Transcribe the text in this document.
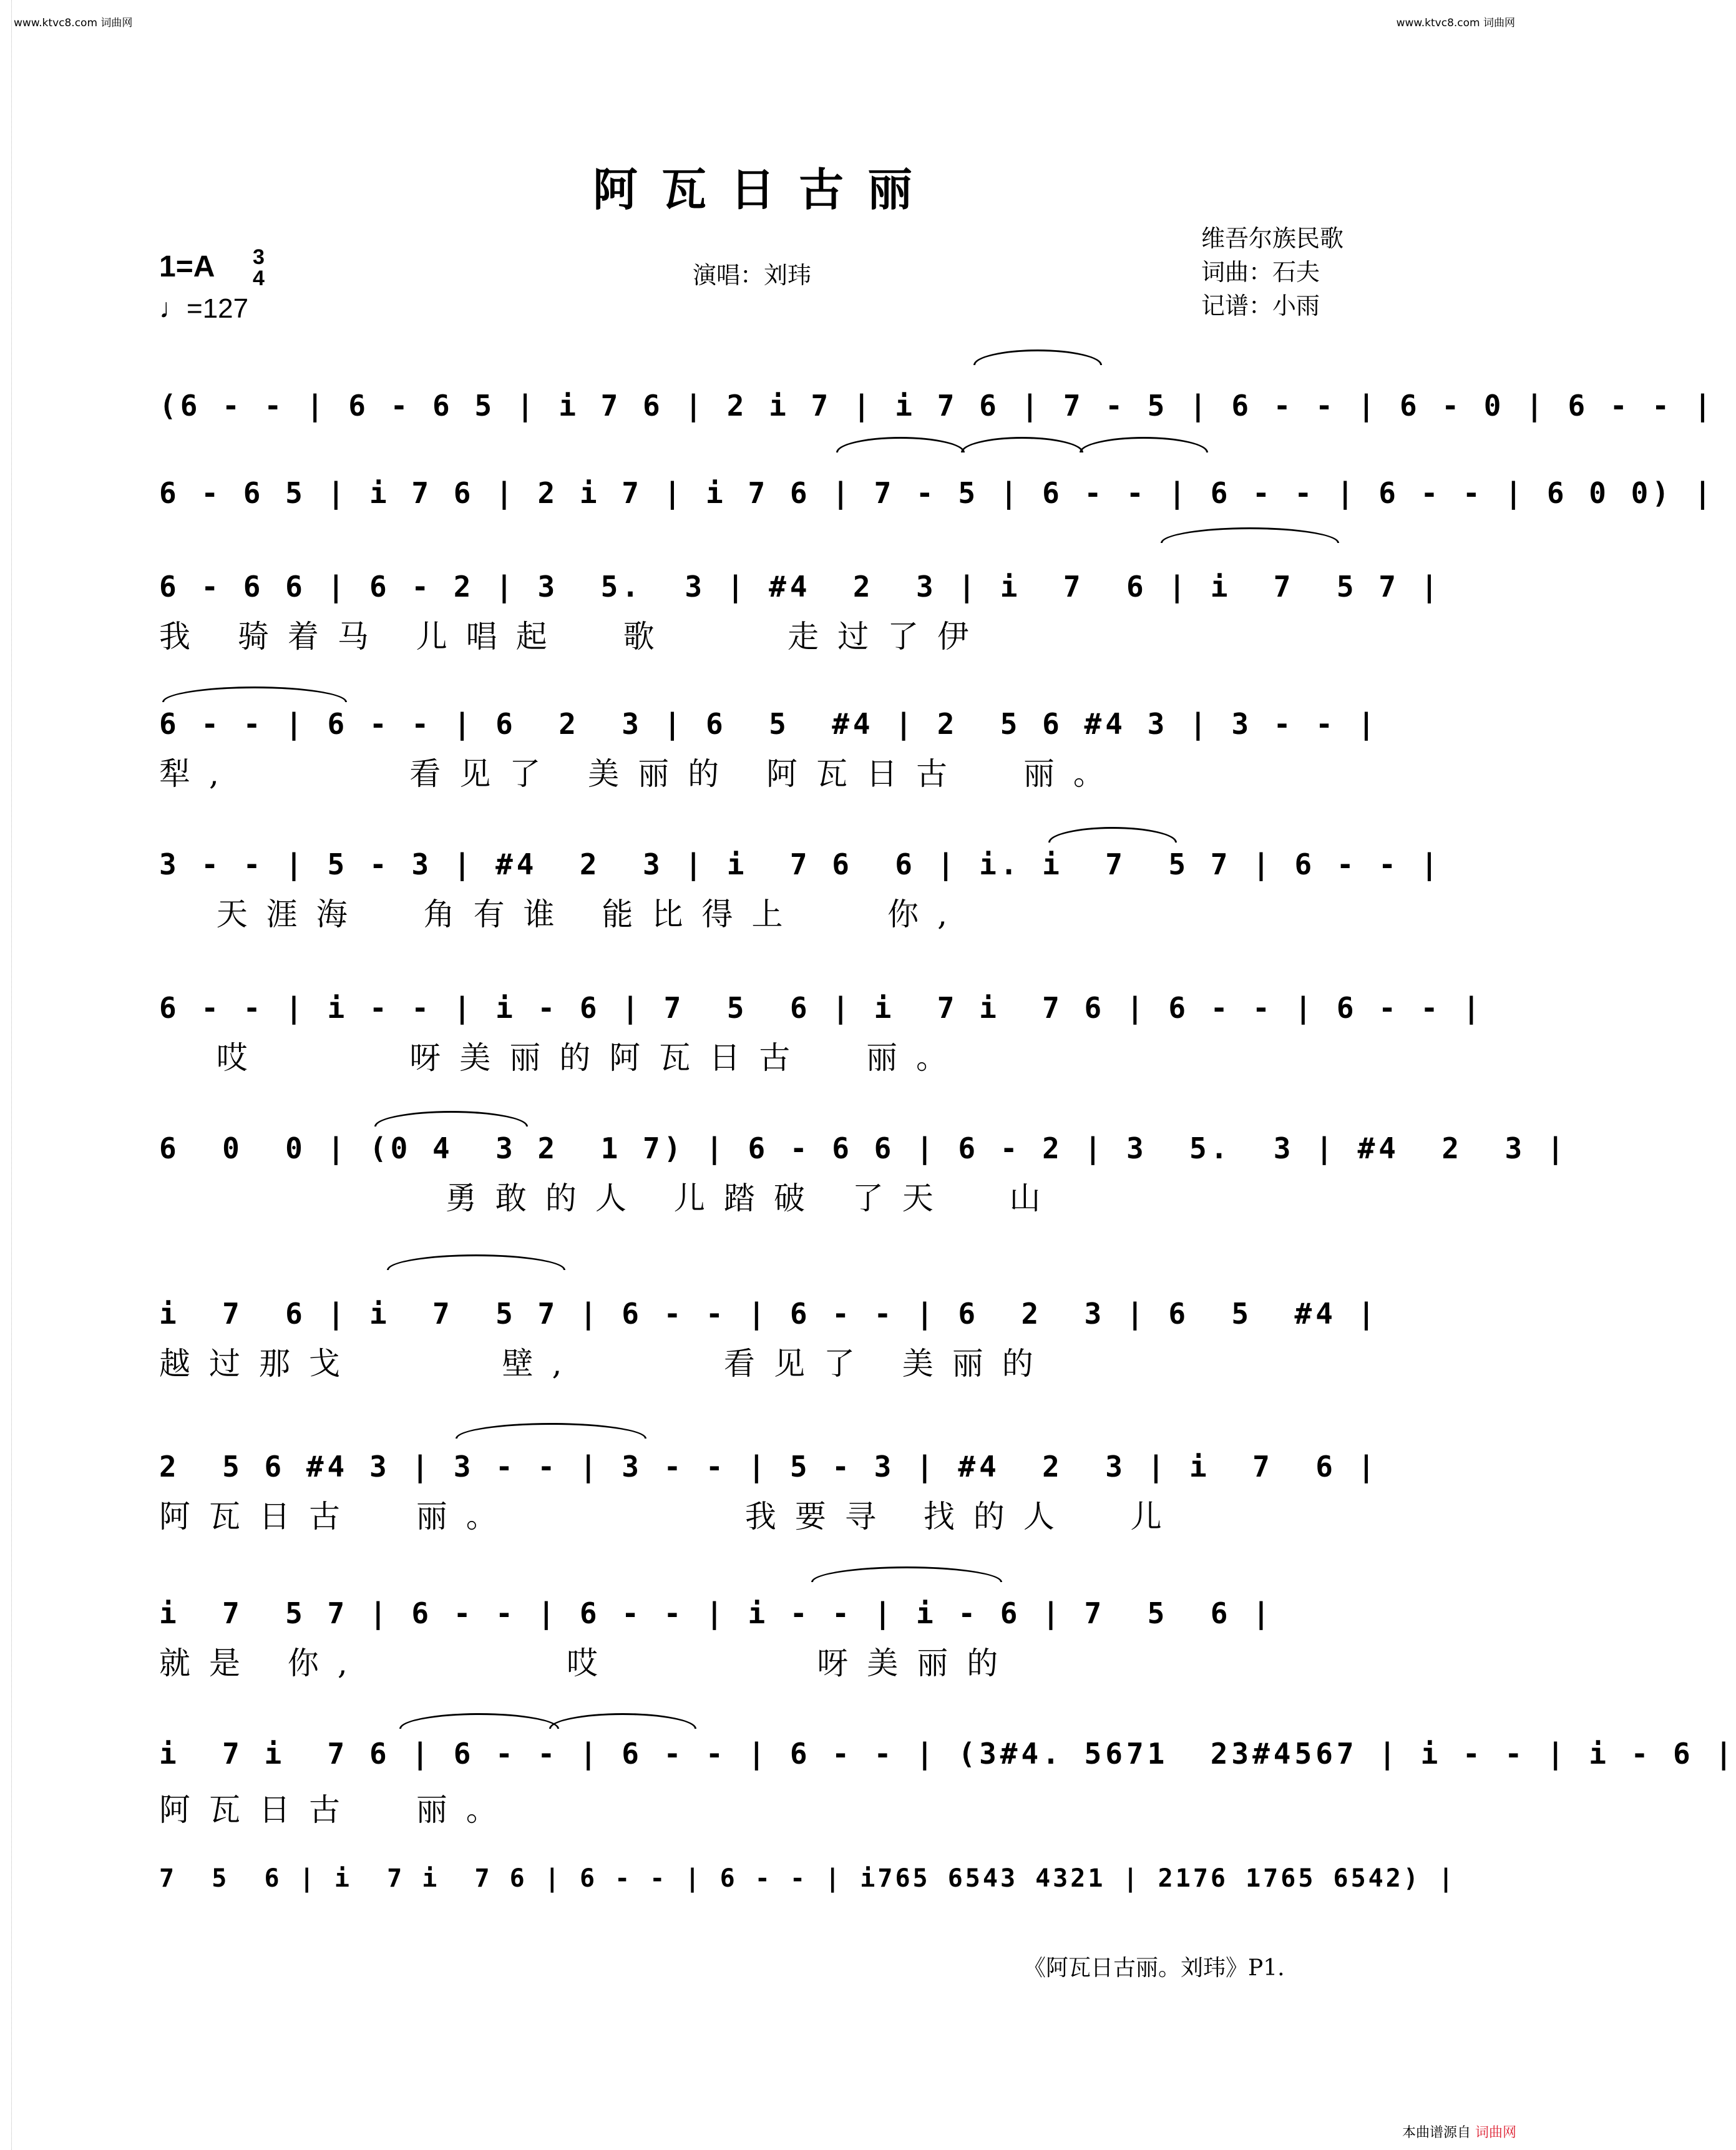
www.ktvc8.com 词曲网	www.ktvc8.com 词曲网
阿瓦日古丽
1=A 3
4
♩=127
演唱：刘玮
维吾尔族民歌
词曲：石夫
记谱：小雨
(6 - - | 6 - 6 5 | i 7 6 | 2 i 7 | i 7 6 | 7 - 5 | 6 - - | 6 - 0 | 6 - - |
6 - 6 5 | i 7 6 | 2 i 7 | i 7 6 | 7 - 5 | 6 - - | 6 - - | 6 - - | 6 0 0) |
6 - 6 6 | 6 - 2 | 3  5.  3 | #4  2  3 | i  7  6 | i  7  5 7 |
我 骑着马 儿唱起  歌    走过了伊
6 - - | 6 - - | 6  2  3 | 6  5  #4 | 2  5 6 #4 3 | 3 - - |
犁,      看见了 美丽的 阿瓦日古  丽。
3 - - | 5 - 3 | #4  2  3 | i  7 6  6 | i. i  7  5 7 | 6 - - |
天涯海  角有谁 能比得上   你,
6 - - | i - - | i - 6 | 7  5  6 | i  7 i  7 6 | 6 - - | 6 - - |
哎     呀美丽的阿瓦日古  丽。
6  0  0 | (0 4  3 2  1 7) | 6 - 6 6 | 6 - 2 | 3  5.  3 | #4  2  3 |
勇敢的人 儿踏破 了天  山
i  7  6 | i  7  5 7 | 6 - - | 6 - - | 6  2  3 | 6  5  #4 |
越过那戈     壁,     看见了 美丽的
2  5 6 #4 3 | 3 - - | 3 - - | 5 - 3 | #4  2  3 | i  7  6 |
阿瓦日古  丽。        我要寻 找的人  儿
i  7  5 7 | 6 - - | 6 - - | i - - | i - 6 | 7  5  6 |
就是 你,       哎       呀美丽的
i  7 i  7 6 | 6 - - | 6 - - | 6 - - | (3#4. 5671  23#4567 | i - - | i - 6 |
阿瓦日古  丽。
7  5  6 | i  7 i  7 6 | 6 - - | 6 - - | i765 6543 4321 | 2176 1765 6542) |
《阿瓦日古丽。刘玮》P1.
本曲谱源自 词曲网
